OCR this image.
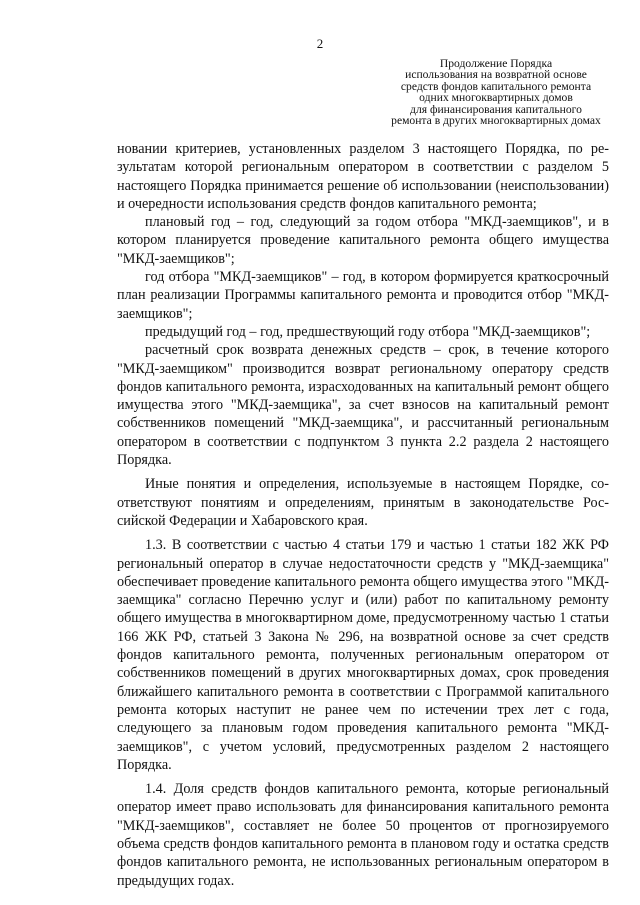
2
Продолжение Порядка
использования на возвратной основе
средств фондов капитального ремонта
одних многоквартирных домов
для финансирования капитального
ремонта в других многоквартирных домах

новании критериев, установленных разделом 3 настоящего Порядка, по результатам которой региональным оператором в соответствии с разделом 5 настоящего Порядка принимается решение об использовании (неиспользовании) и очередности использования средств фондов капитального ремонта;

плановый год – год, следующий за годом отбора "МКД-заемщиков", и в котором планируется проведение капитального ремонта общего имущества "МКД-заемщиков";

год отбора "МКД-заемщиков" – год, в котором формируется краткосрочный план реализации Программы капитального ремонта и проводится отбор "МКД-заемщиков";

предыдущий год – год, предшествующий году отбора "МКД-заемщиков";

расчетный срок возврата денежных средств – срок, в течение которого "МКД-заемщиком" производится возврат региональному оператору средств фондов капитального ремонта, израсходованных на капитальный ремонт общего имущества этого "МКД-заемщика", за счет взносов на капитальный ремонт собственников помещений "МКД-заемщика", и рассчитанный региональным оператором в соответствии с подпунктом 3 пункта 2.2 раздела 2 настоящего Порядка.

Иные понятия и определения, используемые в настоящем Порядке, соответствуют понятиям и определениям, принятым в законодательстве Российской Федерации и Хабаровского края.

1.3. В соответствии с частью 4 статьи 179 и частью 1 статьи 182 ЖК РФ региональный оператор в случае недостаточности средств у "МКД-заемщика" обеспечивает проведение капитального ремонта общего имущества этого "МКД-заемщика" согласно Перечню услуг и (или) работ по капитальному ремонту общего имущества в многоквартирном доме, предусмотренному частью 1 статьи 166 ЖК РФ, статьей 3 Закона № 296, на возвратной основе за счет средств фондов капитального ремонта, полученных региональным оператором от собственников помещений в других многоквартирных домах, срок проведения ближайшего капитального ремонта в соответствии с Программой капитального ремонта которых наступит не ранее чем по истечении трех лет с года, следующего за плановым годом проведения капитального ремонта "МКД-заемщиков", с учетом условий, предусмотренных разделом 2 настоящего Порядка.

1.4. Доля средств фондов капитального ремонта, которые региональный оператор имеет право использовать для финансирования капитального ремонта "МКД-заемщиков", составляет не более 50 процентов от прогнозируемого объема средств фондов капитального ремонта в плановом году и остатка средств фондов капитального ремонта, не использованных региональным оператором в предыдущих годах.
